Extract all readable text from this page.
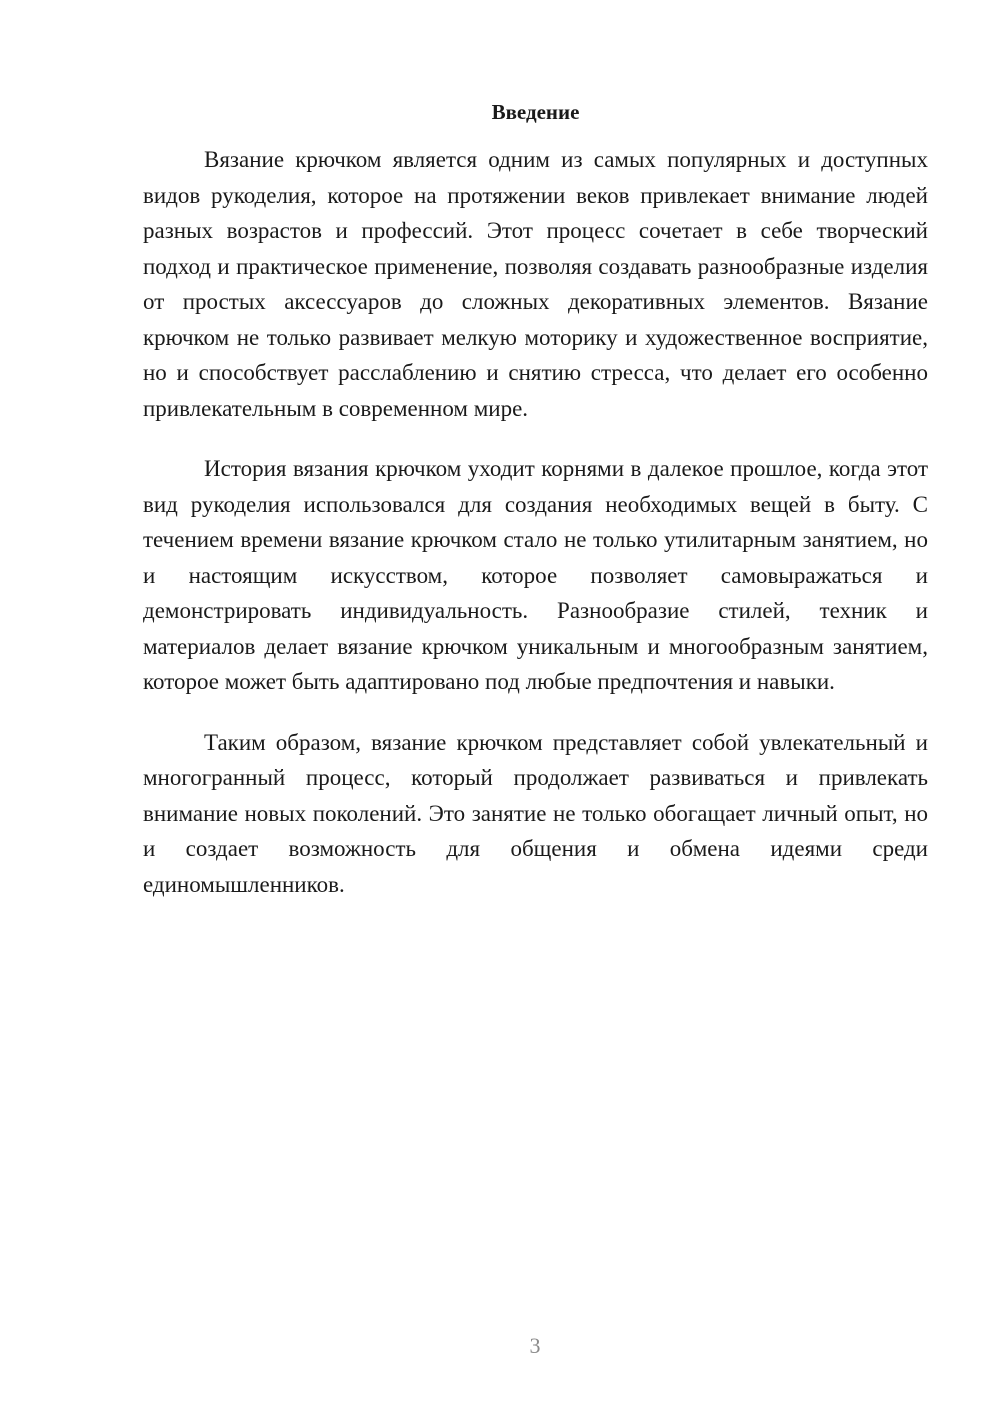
Введение

Вязание крючком является одним из самых популярных и доступных видов рукоделия, которое на протяжении веков привлекает внимание людей разных возрастов и профессий. Этот процесс сочетает в себе творческий подход и практическое применение, позволяя создавать разнообразные изделия от простых аксессуаров до сложных декоративных элементов. Вязание крючком не только развивает мелкую моторику и художественное восприятие, но и способствует расслаблению и снятию стресса, что делает его особенно привлекательным в современном мире.

История вязания крючком уходит корнями в далекое прошлое, когда этот вид рукоделия использовался для создания необходимых вещей в быту. С течением времени вязание крючком стало не только утилитарным занятием, но и настоящим искусством, которое позволяет самовыражаться и демонстрировать индивидуальность. Разнообразие стилей, техник и материалов делает вязание крючком уникальным и многообразным занятием, которое может быть адаптировано под любые предпочтения и навыки.

Таким образом, вязание крючком представляет собой увлекательный и многогранный процесс, который продолжает развиваться и привлекать внимание новых поколений. Это занятие не только обогащает личный опыт, но и создает возможность для общения и обмена идеями среди единомышленников.

3
